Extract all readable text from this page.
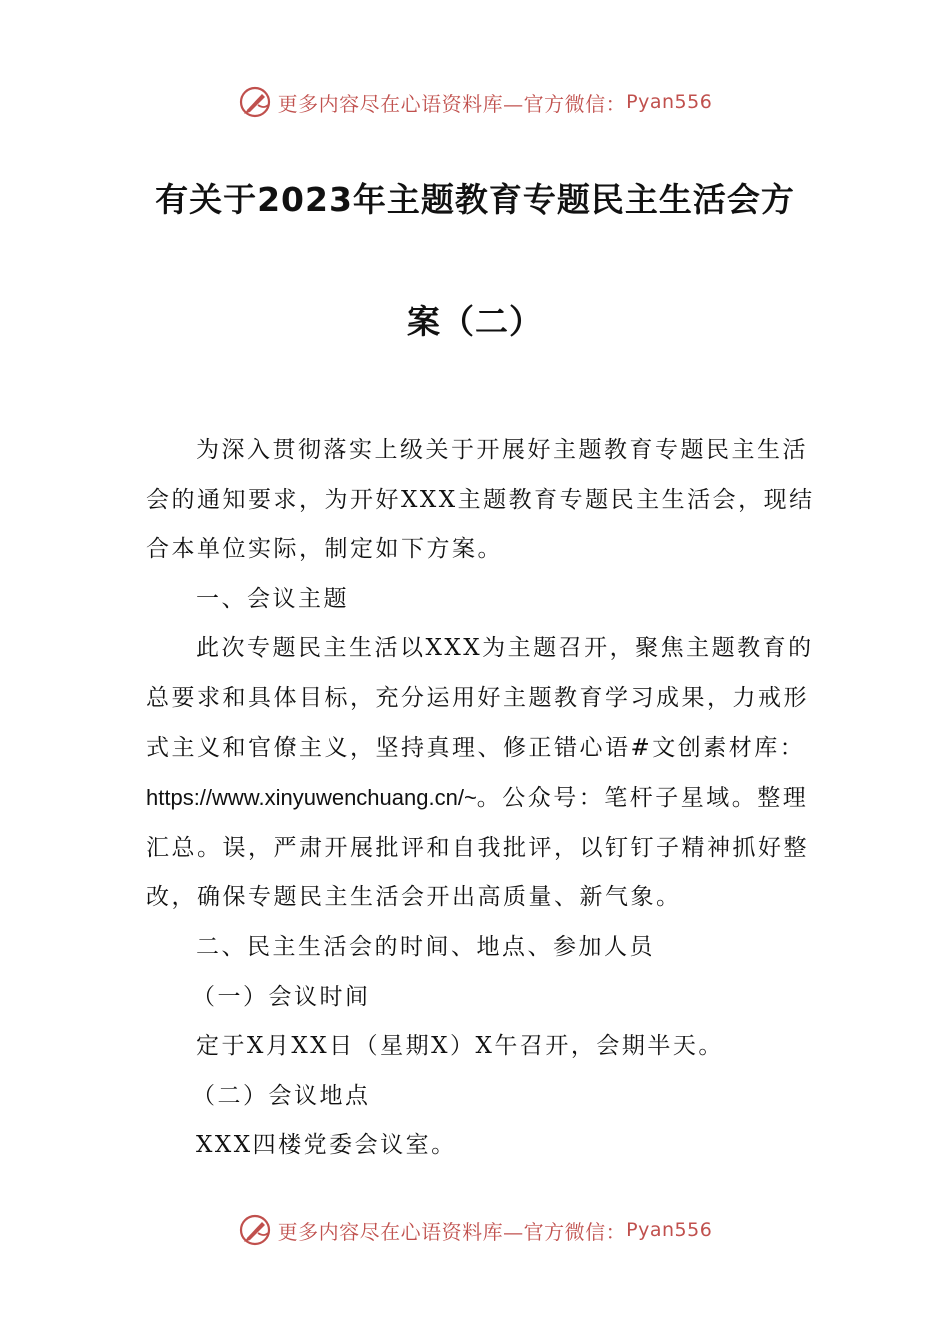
更多内容尽在心语资料库—官方微信： Pyan556
有关于2023年主题教育专题民主生活会方
案（二）

为深入贯彻落实上级关于开展好主题教育专题民主生活会的通知要求，为开好XXX主题教育专题民主生活会，现结合本单位实际，制定如下方案。

一、会议主题

此次专题民主生活以XXX为主题召开，聚焦主题教育的总要求和具体目标，充分运用好主题教育学习成果，力戒形式主义和官僚主义，坚持真理、修正错心语#文创素材库：https://www.xinyuwenchuang.cn/~。公众号：笔杆子星域。整理汇总。误，严肃开展批评和自我批评，以钉钉子精神抓好整改，确保专题民主生活会开出高质量、新气象。

二、民主生活会的时间、地点、参加人员

（一）会议时间

定于X月XX日（星期X）X午召开，会期半天。

（二）会议地点

XXX四楼党委会议室。

更多内容尽在心语资料库—官方微信： Pyan556
